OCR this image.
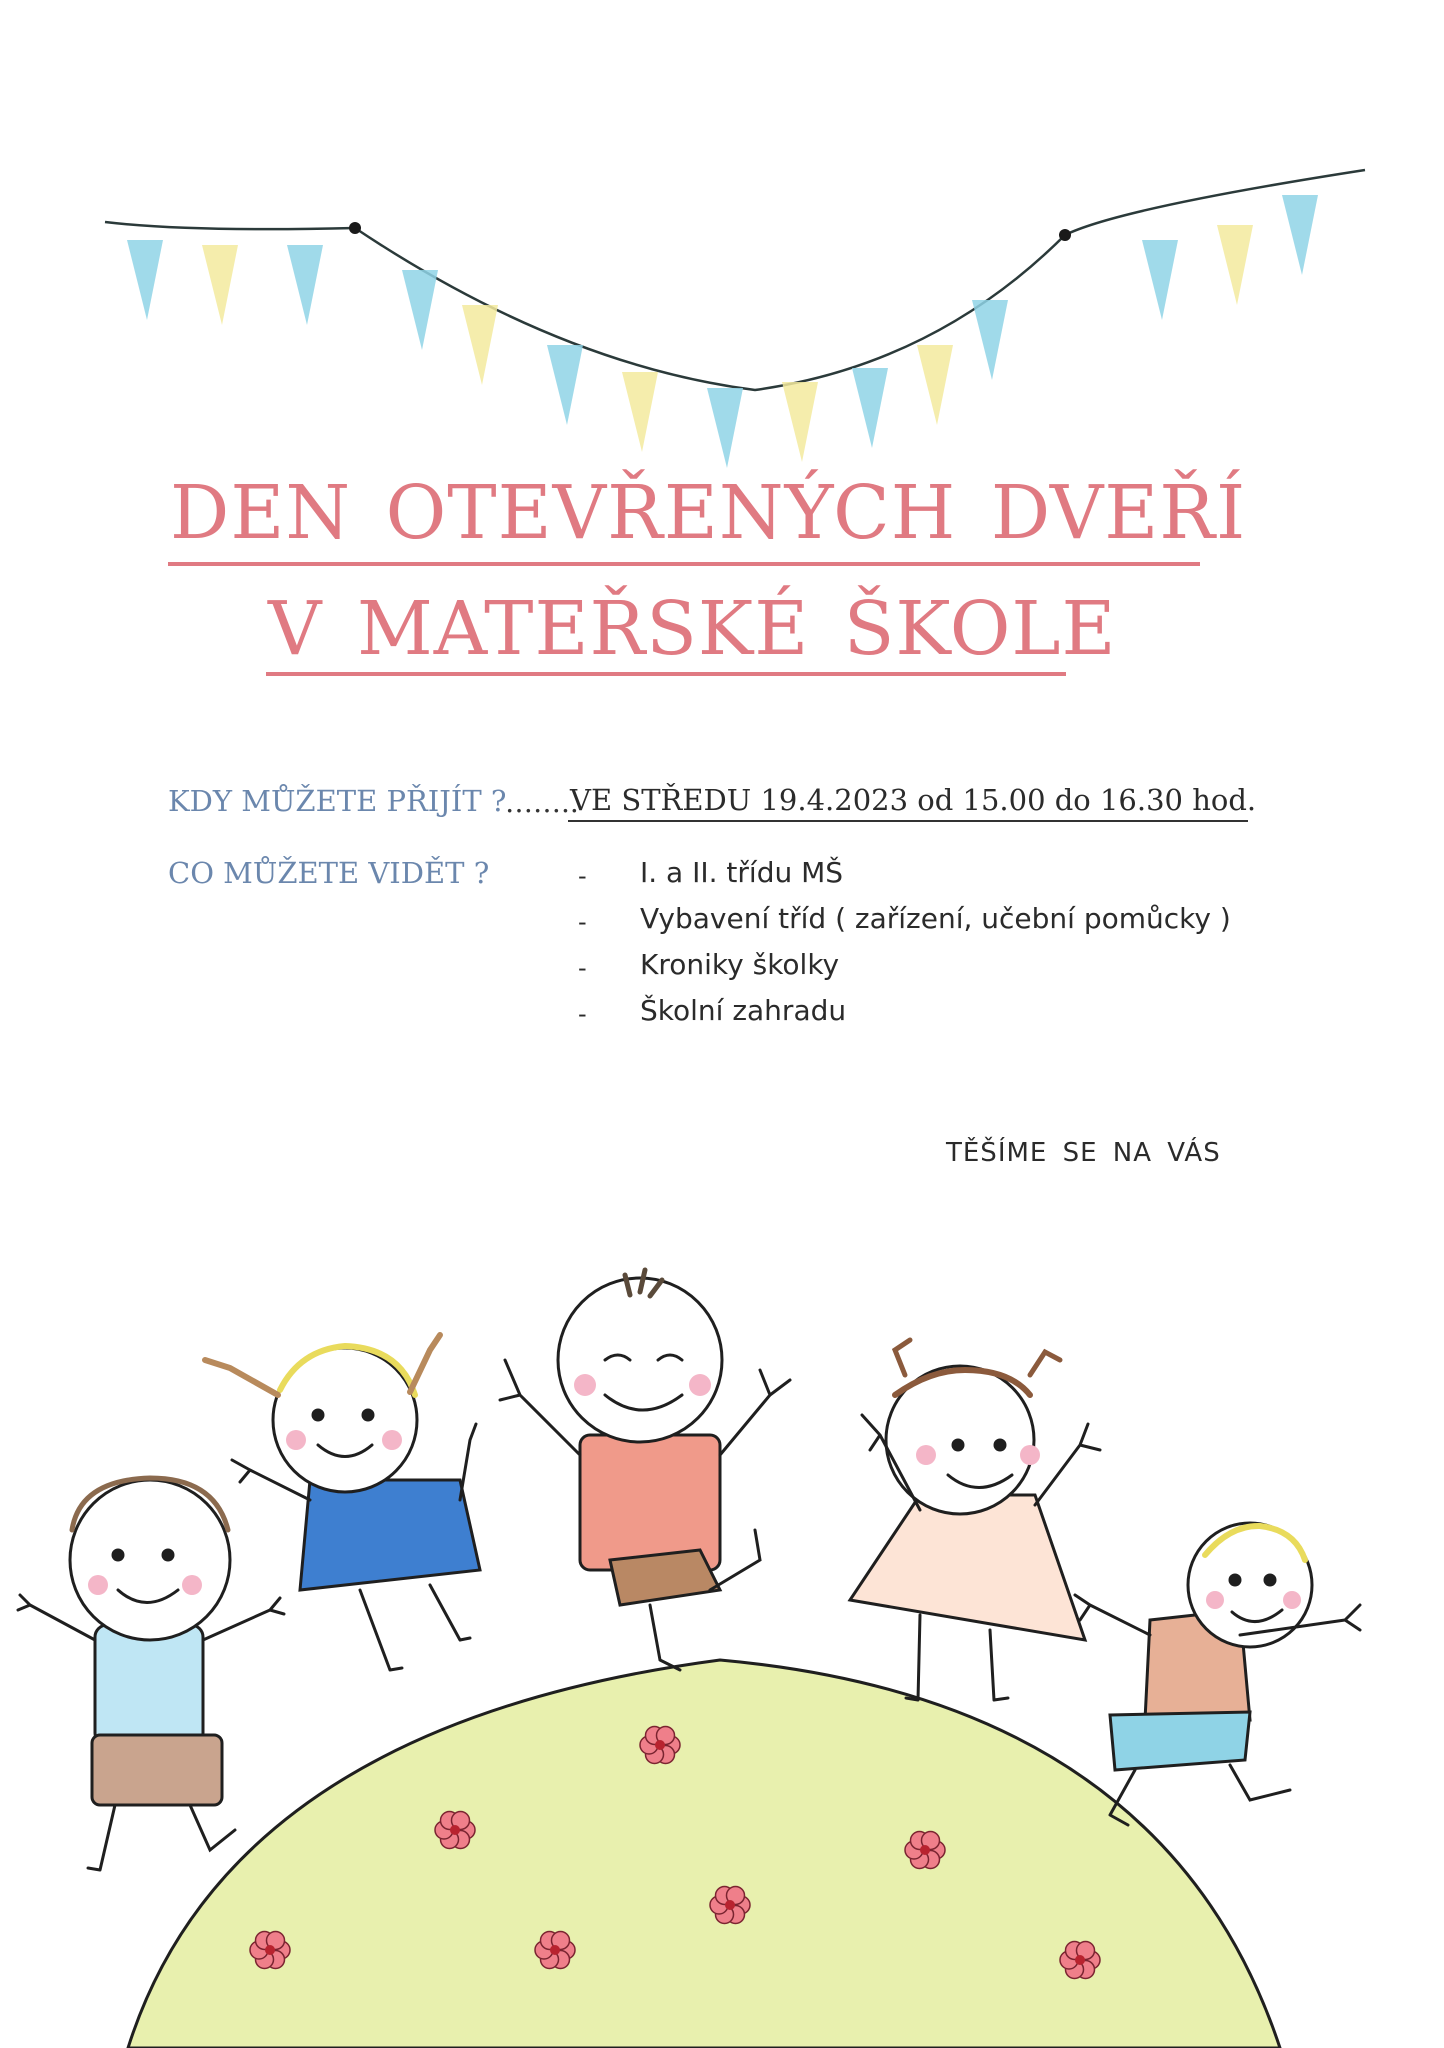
DEN OTEVŘENÝCH DVEŘÍ
V MATEŘSKÉ ŠKOLE
KDY MŮŽETE PŘIJÍT ?
……..
VE STŘEDU 19.4.2023 od 15.00 do 16.30 hod.
CO MŮŽETE VIDĚT ?	- I. a II. třídu MŠ
- Vybavení tříd ( zařízení, učební pomůcky )
- Kroniky školky
- Školní zahradu
TĚŠÍME SE NA VÁS
